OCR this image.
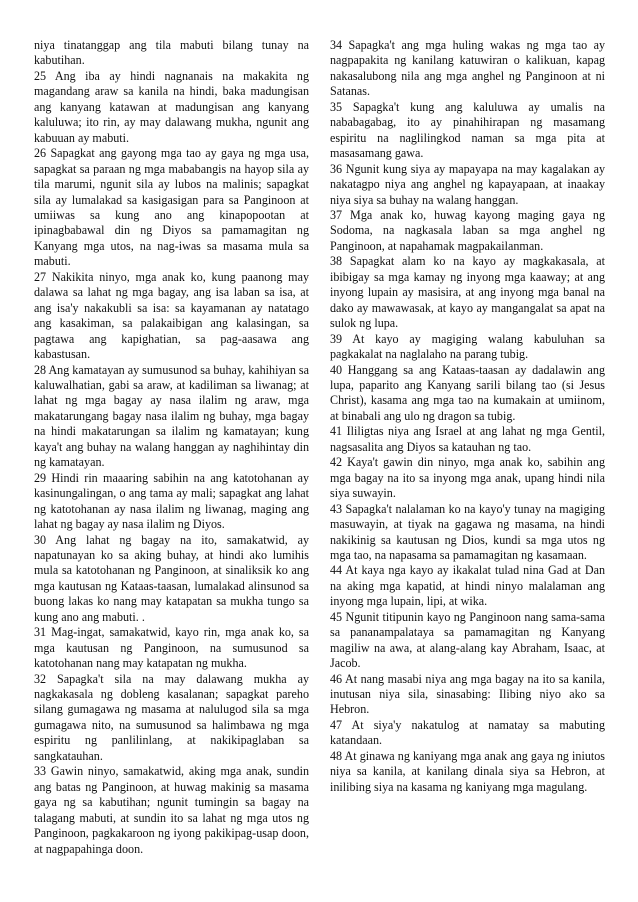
niya tinatanggap ang tila mabuti bilang tunay na kabutihan.

25 Ang iba ay hindi nagnanais na makakita ng magandang araw sa kanila na hindi, baka madungisan ang kanyang katawan at madungisan ang kanyang kaluluwa; ito rin, ay may dalawang mukha, ngunit ang kabuuan ay mabuti.

26 Sapagkat ang gayong mga tao ay gaya ng mga usa, sapagkat sa paraan ng mga mababangis na hayop sila ay tila marumi, ngunit sila ay lubos na malinis; sapagkat sila ay lumalakad sa kasigasigan para sa Panginoon at umiiwas sa kung ano ang kinapopootan at ipinagbabawal din ng Diyos sa pamamagitan ng Kanyang mga utos, na nag-iwas sa masama mula sa mabuti.

27 Nakikita ninyo, mga anak ko, kung paanong may dalawa sa lahat ng mga bagay, ang isa laban sa isa, at ang isa'y nakakubli sa isa: sa kayamanan ay natatago ang kasakiman, sa palakaibigan ang kalasingan, sa pagtawa ang kapighatian, sa pag-aasawa ang kabastusan.

28 Ang kamatayan ay sumusunod sa buhay, kahihiyan sa kaluwalhatian, gabi sa araw, at kadiliman sa liwanag; at lahat ng mga bagay ay nasa ilalim ng araw, mga makatarungang bagay nasa ilalim ng buhay, mga bagay na hindi makatarungan sa ilalim ng kamatayan; kung kaya't ang buhay na walang hanggan ay naghihintay din ng kamatayan.

29 Hindi rin maaaring sabihin na ang katotohanan ay kasinungalingan, o ang tama ay mali; sapagkat ang lahat ng katotohanan ay nasa ilalim ng liwanag, maging ang lahat ng bagay ay nasa ilalim ng Diyos.

30 Ang lahat ng bagay na ito, samakatwid, ay napatunayan ko sa aking buhay, at hindi ako lumihis mula sa katotohanan ng Panginoon, at sinaliksik ko ang mga kautusan ng Kataas-taasan, lumalakad alinsunod sa buong lakas ko nang may katapatan sa mukha tungo sa kung ano ang mabuti. .

31 Mag-ingat, samakatwid, kayo rin, mga anak ko, sa mga kautusan ng Panginoon, na sumusunod sa katotohanan nang may katapatan ng mukha.

32 Sapagka't sila na may dalawang mukha ay nagkakasala ng dobleng kasalanan; sapagkat pareho silang gumagawa ng masama at nalulugod sila sa mga gumagawa nito, na sumusunod sa halimbawa ng mga espiritu ng panlilinlang, at nakikipaglaban sa sangkatauhan.

33 Gawin ninyo, samakatwid, aking mga anak, sundin ang batas ng Panginoon, at huwag makinig sa masama gaya ng sa kabutihan; ngunit tumingin sa bagay na talagang mabuti, at sundin ito sa lahat ng mga utos ng Panginoon, pagkakaroon ng iyong pakikipag-usap doon, at nagpapahinga doon.

34 Sapagka't ang mga huling wakas ng mga tao ay nagpapakita ng kanilang katuwiran o kalikuan, kapag nakasalubong nila ang mga anghel ng Panginoon at ni Satanas.

35 Sapagka't kung ang kaluluwa ay umalis na nababagabag, ito ay pinahihirapan ng masamang espiritu na naglilingkod naman sa mga pita at masasamang gawa.

36 Ngunit kung siya ay mapayapa na may kagalakan ay nakatagpo niya ang anghel ng kapayapaan, at inaakay niya siya sa buhay na walang hanggan.

37 Mga anak ko, huwag kayong maging gaya ng Sodoma, na nagkasala laban sa mga anghel ng Panginoon, at napahamak magpakailanman.

38 Sapagkat alam ko na kayo ay magkakasala, at ibibigay sa mga kamay ng inyong mga kaaway; at ang inyong lupain ay masisira, at ang inyong mga banal na dako ay mawawasak, at kayo ay mangangalat sa apat na sulok ng lupa.

39 At kayo ay magiging walang kabuluhan sa pagkakalat na naglalaho na parang tubig.

40 Hanggang sa ang Kataas-taasan ay dadalawin ang lupa, paparito ang Kanyang sarili bilang tao (si Jesus Christ), kasama ang mga tao na kumakain at umiinom, at binabali ang ulo ng dragon sa tubig.

41 Ililigtas niya ang Israel at ang lahat ng mga Gentil, nagsasalita ang Diyos sa katauhan ng tao.

42 Kaya't gawin din ninyo, mga anak ko, sabihin ang mga bagay na ito sa inyong mga anak, upang hindi nila siya suwayin.

43 Sapagka't nalalaman ko na kayo'y tunay na magiging masuwayin, at tiyak na gagawa ng masama, na hindi nakikinig sa kautusan ng Dios, kundi sa mga utos ng mga tao, na napasama sa pamamagitan ng kasamaan.

44 At kaya nga kayo ay ikakalat tulad nina Gad at Dan na aking mga kapatid, at hindi ninyo malalaman ang inyong mga lupain, lipi, at wika.

45 Ngunit titipunin kayo ng Panginoon nang sama-sama sa pananampalataya sa pamamagitan ng Kanyang magiliw na awa, at alang-alang kay Abraham, Isaac, at Jacob.

46 At nang masabi niya ang mga bagay na ito sa kanila, inutusan niya sila, sinasabing: Ilibing niyo ako sa Hebron.

47 At siya'y nakatulog at namatay sa mabuting katandaan.

48 At ginawa ng kaniyang mga anak ang gaya ng iniutos niya sa kanila, at kanilang dinala siya sa Hebron, at inilibing siya na kasama ng kaniyang mga magulang.
